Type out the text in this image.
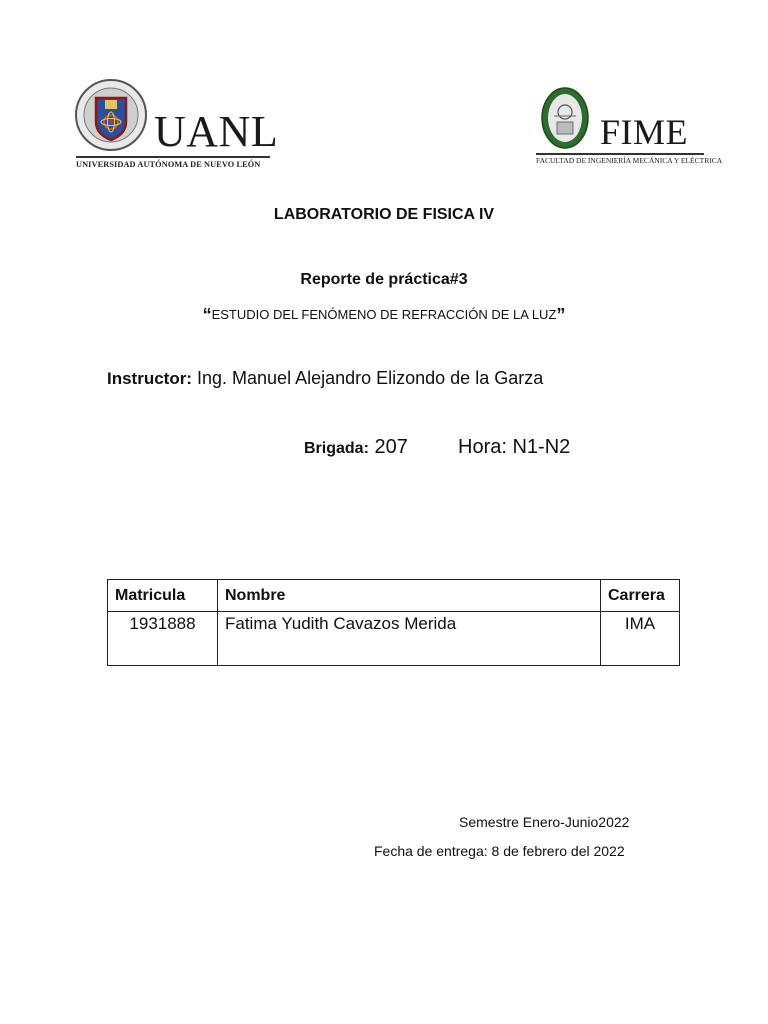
UANL
UNIVERSIDAD AUTÓNOMA DE NUEVO LEÓN
FIME
FACULTAD DE INGENIERÍA MECÁNICA Y ELÉCTRICA
LABORATORIO DE FISICA IV
Reporte de práctica#3
“ESTUDIO DEL FENÓMENO DE REFRACCIÓN DE LA LUZ”
Instructor: Ing. Manuel Alejandro Elizondo de la Garza
Brigada: 207	Hora: N1-N2
Matricula	Nombre	Carrera
1931888	Fatima Yudith Cavazos Merida	IMA
Semestre Enero-Junio2022
Fecha de entrega: 8 de febrero del 2022
